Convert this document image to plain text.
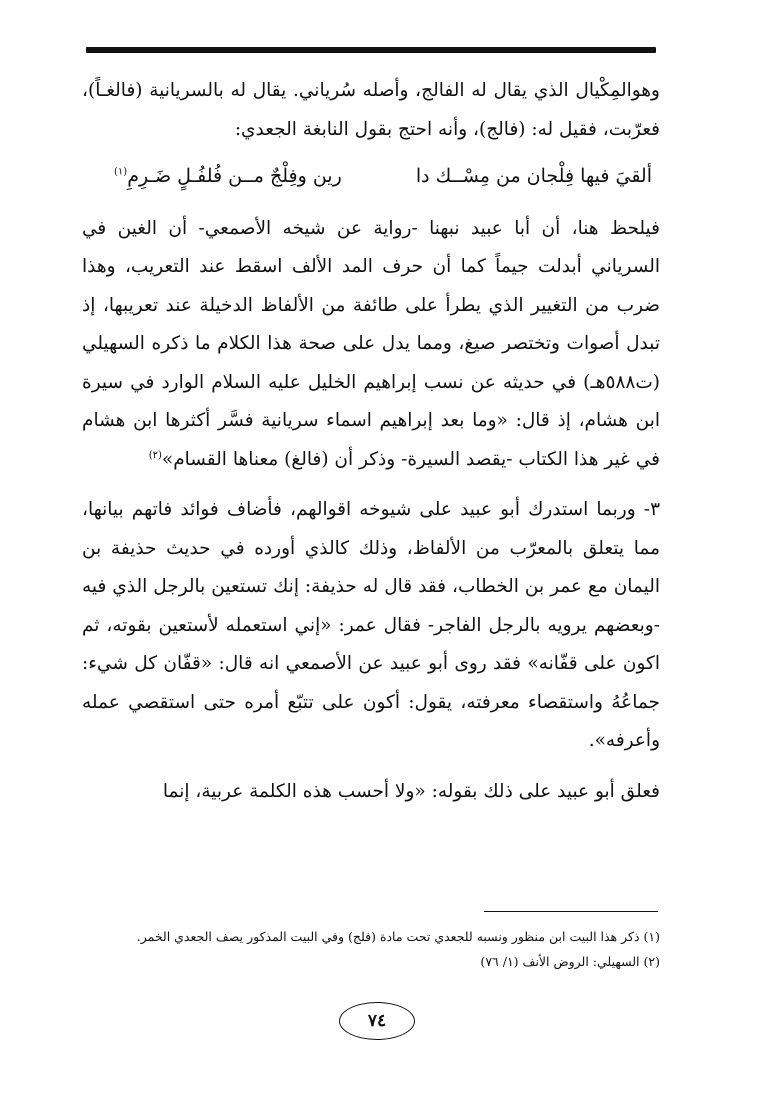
وهوالمِكْيال الذي يقال له الفالج، وأصله سُرياني. يقال له بالسريانية (فالغـاً)، فعرّبت، فقيل له: (فالج)، وأنه احتج بقول النابغة الجعدي:

ألقيَ فيها فِلْجان من مِسْــك دا
رين وفِلْجٌ مــن فُلفُـلٍ ضَـرِمِ$^{(١)}$

فيلحظ هنا، أن أبا عبيد نبهنا -رواية عن شيخه الأصمعي- أن الغين في السرياني أبدلت جيماً كما أن حرف المد الألف اسقط عند التعريب، وهذا ضرب من التغيير الذي يطرأ على طائفة من الألفاظ الدخيلة عند تعريبها، إذ تبدل أصوات وتختصر صيغ، ومما يدل على صحة هذا الكلام ما ذكره السهيلي (ت٥٨٨هـ) في حديثه عن نسب إبراهيم الخليل عليه السلام الوارد في سيرة ابن هشام، إذ قال: «وما بعد إبراهيم اسماء سريانية فسَّر أكثرها ابن هشام في غير هذا الكتاب -يقصد السيرة- وذكر أن (فالغ) معناها القسام»$^{(٢)}$

٣- وربما استدرك أبو عبيد على شيوخه اقوالهم، فأضاف فوائد فاتهم بيانها، مما يتعلق بالمعرّب من الألفاظ، وذلك كالذي أورده في حديث حذيفة بن اليمان مع عمر بن الخطاب، فقد قال له حذيفة: إنك تستعين بالرجل الذي فيه -وبعضهم يرويه بالرجل الفاجر- فقال عمر: «إني استعمله لأستعين بقوته، ثم اكون على قفّانه» فقد روى أبو عبيد عن الأصمعي انه قال: «قفّان كل شيء: جماعُهُ واستقصاء معرفته، يقول: أكون على تتبّع أمره حتى استقصي عمله وأعرفه».

فعلق أبو عبيد على ذلك بقوله: «ولا أحسب هذه الكلمة عربية، إنما

(١) ذكر هذا البيت ابن منظور ونسبه للجعدي تحت مادة (فلج) وفي البيت المذكور يصف الجعدي الخمر.

(٢) السهيلي: الروض الأنف (١/ ٧٦)

٧٤
